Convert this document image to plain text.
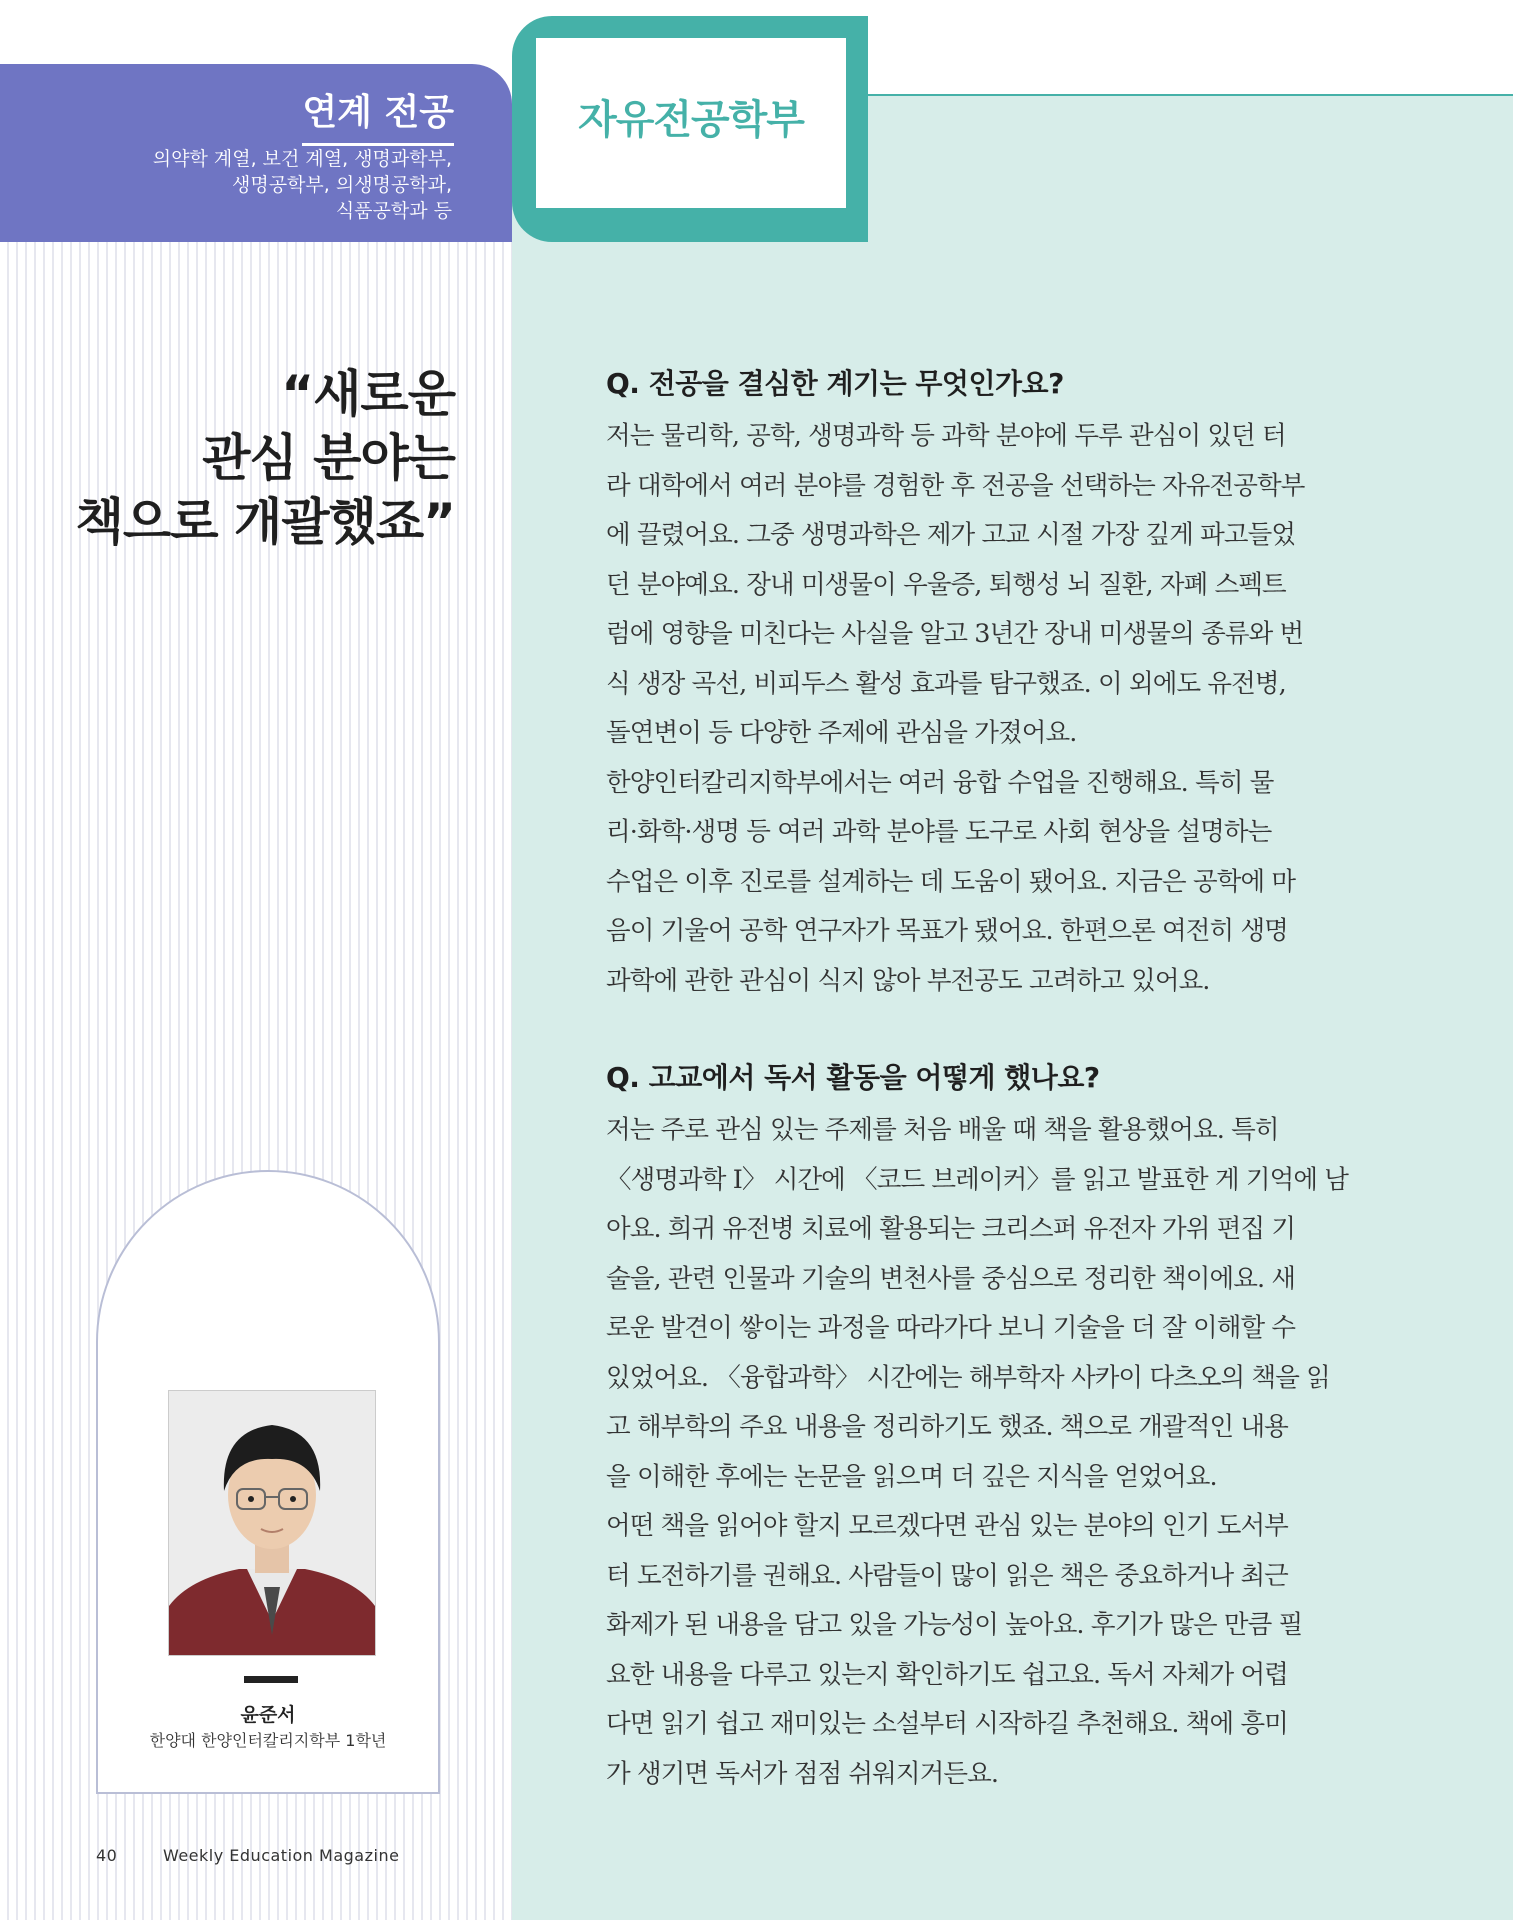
연계 전공
의약학 계열, 보건 계열, 생명과학부,
생명공학부, 의생명공학과,
식품공학과 등
자유전공학부
“새로운
관심 분야는
책으로 개괄했죠”
Q. 전공을 결심한 계기는 무엇인가요?
저는 물리학, 공학, 생명과학 등 과학 분야에 두루 관심이 있던 터
라 대학에서 여러 분야를 경험한 후 전공을 선택하는 자유전공학부
에 끌렸어요. 그중 생명과학은 제가 고교 시절 가장 깊게 파고들었
던 분야예요. 장내 미생물이 우울증, 퇴행성 뇌 질환, 자폐 스펙트
럼에 영향을 미친다는 사실을 알고 3년간 장내 미생물의 종류와 번
식 생장 곡선, 비피두스 활성 효과를 탐구했죠. 이 외에도 유전병,
돌연변이 등 다양한 주제에 관심을 가졌어요.
한양인터칼리지학부에서는 여러 융합 수업을 진행해요. 특히 물
리·화학·생명 등 여러 과학 분야를 도구로 사회 현상을 설명하는
수업은 이후 진로를 설계하는 데 도움이 됐어요. 지금은 공학에 마
음이 기울어 공학 연구자가 목표가 됐어요. 한편으론 여전히 생명
과학에 관한 관심이 식지 않아 부전공도 고려하고 있어요.
Q. 고교에서 독서 활동을 어떻게 했나요?
저는 주로 관심 있는 주제를 처음 배울 때 책을 활용했어요. 특히
〈생명과학 Ⅰ〉 시간에 〈코드 브레이커〉를 읽고 발표한 게 기억에 남
아요. 희귀 유전병 치료에 활용되는 크리스퍼 유전자 가위 편집 기
술을, 관련 인물과 기술의 변천사를 중심으로 정리한 책이에요. 새
로운 발견이 쌓이는 과정을 따라가다 보니 기술을 더 잘 이해할 수
있었어요. 〈융합과학〉 시간에는 해부학자 사카이 다츠오의 책을 읽
고 해부학의 주요 내용을 정리하기도 했죠. 책으로 개괄적인 내용
을 이해한 후에는 논문을 읽으며 더 깊은 지식을 얻었어요.
어떤 책을 읽어야 할지 모르겠다면 관심 있는 분야의 인기 도서부
터 도전하기를 권해요. 사람들이 많이 읽은 책은 중요하거나 최근
화제가 된 내용을 담고 있을 가능성이 높아요. 후기가 많은 만큼 필
요한 내용을 다루고 있는지 확인하기도 쉽고요. 독서 자체가 어렵
다면 읽기 쉽고 재미있는 소설부터 시작하길 추천해요. 책에 흥미
가 생기면 독서가 점점 쉬워지거든요.
윤준서
한양대 한양인터칼리지학부 1학년
40	Weekly Education Magazine
